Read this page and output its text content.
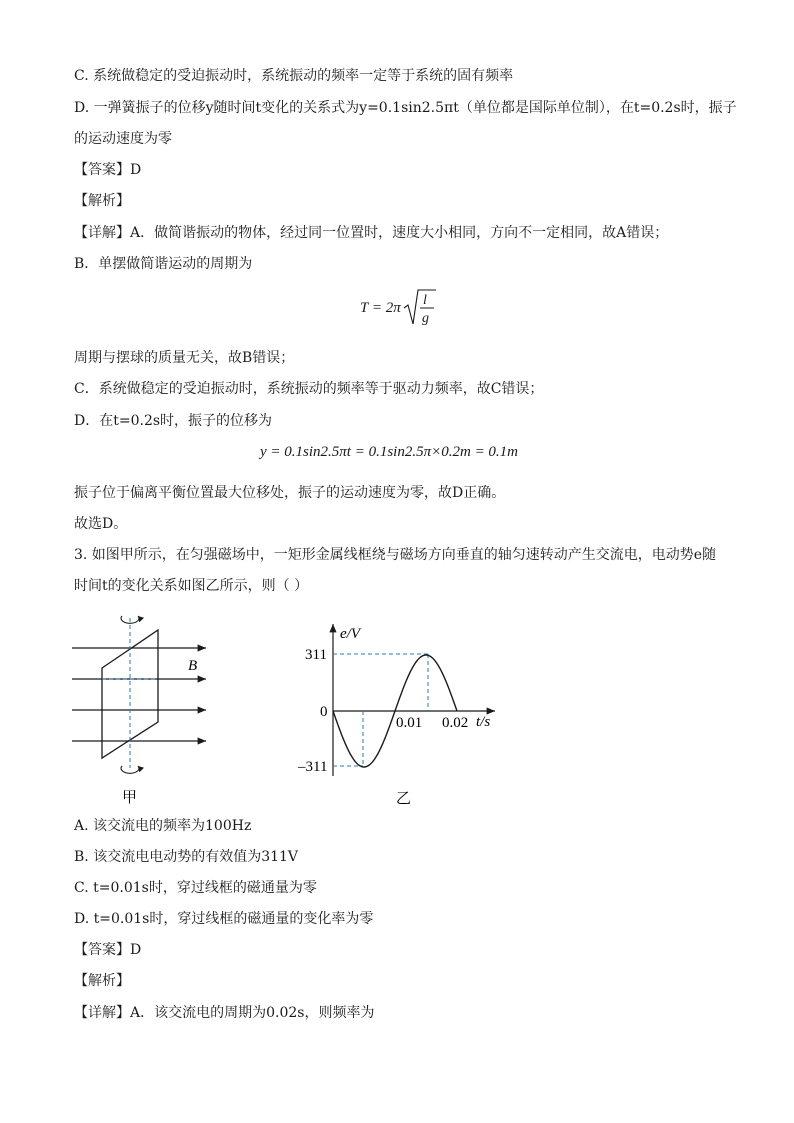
C. 系统做稳定的受迫振动时，系统振动的频率一定等于系统的固有频率
D. 一弹簧振子的位移y随时间t变化的关系式为y=0.1sin2.5πt（单位都是国际单位制），在t=0.2s时，振子
的运动速度为零
【答案】D
【解析】
【详解】A．做简谐振动的物体，经过同一位置时，速度大小相同，方向不一定相同，故A错误；
B．单摆做简谐运动的周期为
T = 2π l
g
周期与摆球的质量无关，故B错误；
C．系统做稳定的受迫振动时，系统振动的频率等于驱动力频率，故C错误；
D．在t=0.2s时，振子的位移为
y = 0.1sin2.5πt = 0.1sin2.5π×0.2m = 0.1m
振子位于偏离平衡位置最大位移处，振子的运动速度为零，故D正确。
故选D。
3. 如图甲所示，在匀强磁场中，一矩形金属线框绕与磁场方向垂直的轴匀速转动产生交流电，电动势e随
时间t的变化关系如图乙所示，则（ ）
B
甲
e/V
t/s
311
–311
0
0.01 0.02
乙
A. 该交流电的频率为100Hz
B. 该交流电电动势的有效值为311V
C. t=0.01s时，穿过线框的磁通量为零
D. t=0.01s时，穿过线框的磁通量的变化率为零
【答案】D
【解析】
【详解】A．该交流电的周期为0.02s，则频率为
